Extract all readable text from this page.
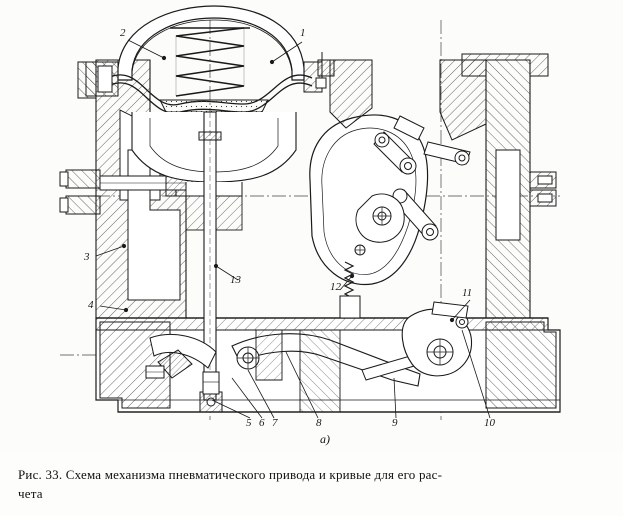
2	1
3
13
12	11
4
5 6 7	8	9	10
а)
Рис. 33. Схема механизма пневматического привода и кривые для его рас-
чета
